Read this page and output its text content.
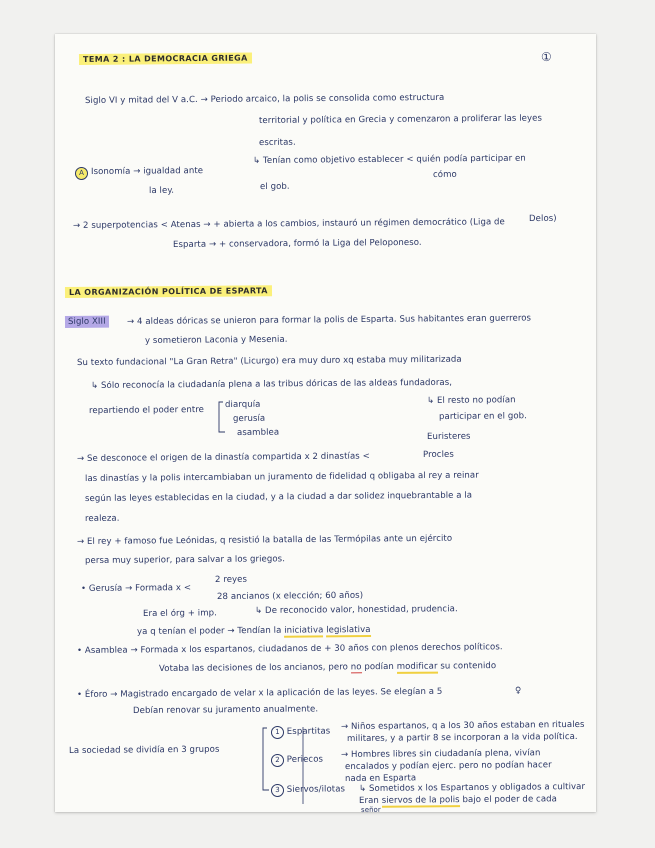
TEMA 2 : LA DEMOCRACIA GRIEGA	①
Siglo VI y mitad del V a.C. → Periodo arcaico, la polis se consolida como estructura
territorial y política en Grecia y comenzaron a proliferar las leyes
escritas.
A Isonomía → igualdad ante
la ley.
↳ Tenían como objetivo establecer < quién podía participar en
cómo
el gob.
→ 2 superpotencias < Atenas → + abierta a los cambios, instauró un régimen democrático (Liga de	Delos)
Esparta → + conservadora, formó la Liga del Peloponeso.
LA ORGANIZACIÓN POLÍTICA DE ESPARTA
Siglo XIII	→ 4 aldeas dóricas se unieron para formar la polis de Esparta. Sus habitantes eran guerreros
y sometieron Laconia y Mesenia.
Su texto fundacional "La Gran Retra" (Licurgo) era muy duro xq estaba muy militarizada
↳ Sólo reconocía la ciudadanía plena a las tribus dóricas de las aldeas fundadoras,
↳ El resto no podían
repartiendo el poder entre
diarquía
gerusía
asamblea
participar en el gob.
Euristeres
→ Se desconoce el origen de la dinastía compartida x 2 dinastías <	Procles
las dinastías y la polis intercambiaban un juramento de fidelidad q obligaba al rey a reinar
según las leyes establecidas en la ciudad, y a la ciudad a dar solidez inquebrantable a la
realeza.
→ El rey + famoso fue Leónidas, q resistió la batalla de las Termópilas ante un ejército
persa muy superior, para salvar a los griegos.
• Gerusía → Formada x <
2 reyes
28 ancianos (x elección; 60 años)
Era el órg + imp.	↳ De reconocido valor, honestidad, prudencia.
ya q tenían el poder → Tendían la iniciativa legislativa
• Asamblea → Formada x los espartanos, ciudadanos de + 30 años con plenos derechos políticos.
Votaba las decisiones de los ancianos, pero no podían modificar su contenido
• Éforo → Magistrado encargado de velar x la aplicación de las leyes. Se elegían a 5	♀
Debían renovar su juramento anualmente.
La sociedad se dividía en 3 grupos
1 Espartitas → Niños espartanos, q a los 30 años estaban en rituales
militares, y a partir 8 se incorporan a la vida política.
2 Periecos → Hombres libres sin ciudadanía plena, vivían
encalados y podían ejerc. pero no podían hacer
nada en Esparta
3 Siervos/ilotas ↳ Sometidos x los Espartanos y obligados a cultivar
Eran siervos de la polis bajo el poder de cada
señor
